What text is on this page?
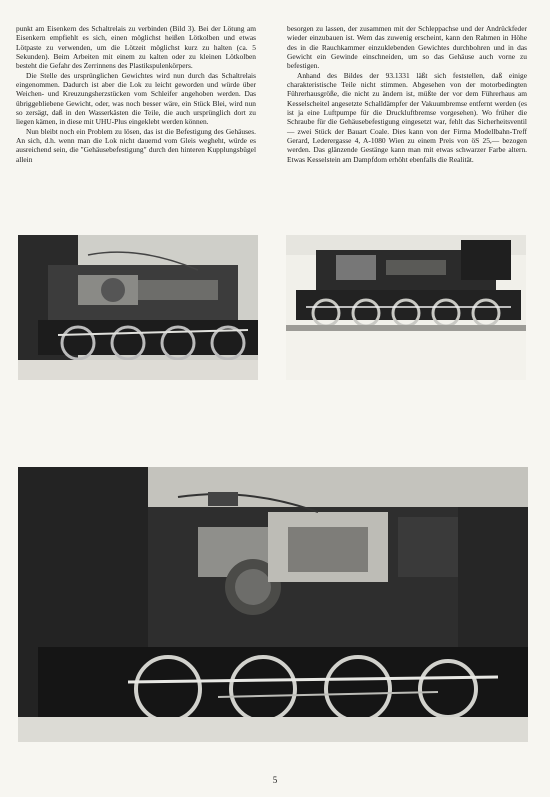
punkt am Eisenkern des Schaltrelais zu verbinden (Bild 3). Bei der Lötung am Eisenkern empfiehlt es sich, einen möglichst heißen Lötkolben und etwas Lötpaste zu verwenden, um die Lötzeit möglichst kurz zu halten (ca. 5 Sekunden). Beim Arbeiten mit einem zu kalten oder zu kleinen Lötkolben besteht die Gefahr des Zerrinnens des Plastikspulenkörpers.

Die Stelle des ursprünglichen Gewichtes wird nun durch das Schaltrelais eingenommen. Dadurch ist aber die Lok zu leicht geworden und würde über Weichen- und Kreuzungsherzstücken vom Schleifer angehoben werden. Das übriggebliebene Gewicht, oder, was noch besser wäre, ein Stück Blei, wird nun so zersägt, daß in den Wasserkästen die Teile, die auch ursprünglich dort zu liegen kämen, in diese mit UHU-Plus eingeklebt werden können.

Nun bleibt noch ein Problem zu lösen, das ist die Befestigung des Gehäuses. An sich, d.h. wenn man die Lok nicht dauernd vom Gleis wegheht, würde es ausreichend sein, die "Gehäusebefestigung" durch den hinteren Kupplungsbügel allein

besorgen zu lassen, der zusammen mit der Schleppachse und der Andrückfeder wieder einzubauen ist. Wem das zuwenig erscheint, kann den Rahmen in Höhe des in die Rauchkammer einzuklebenden Gewichtes durchbohren und in das Gewicht ein Gewinde einschneiden, um so das Gehäuse auch vorne zu befestigen.

Anhand des Bildes der 93.1331 läßt sich feststellen, daß einige charakteristische Teile nicht stimmen. Abgesehen von der motorbedingten Führerhausgröße, die nicht zu ändern ist, müßte der vor dem Führerhaus am Kesselscheitel angesetzte Schalldämpfer der Vakuumbremse entfernt werden (es ist ja eine Luftpumpe für die Druckluftbremse vorgesehen). Wo früher die Schraube für die Gehäusebefestigung eingesetzt war, fehlt das Sicherheitsventil — zwei Stück der Bauart Coale. Dies kann von der Firma Modellbahn-Treff Gerard, Lederergasse 4, A-1080 Wien zu einem Preis von öS 25,— bezogen werden. Das glänzende Gestänge kann man mit etwas schwarzer Farbe altern. Etwas Kesselstein am Dampfdom erhöht ebenfalls die Realität.

5
